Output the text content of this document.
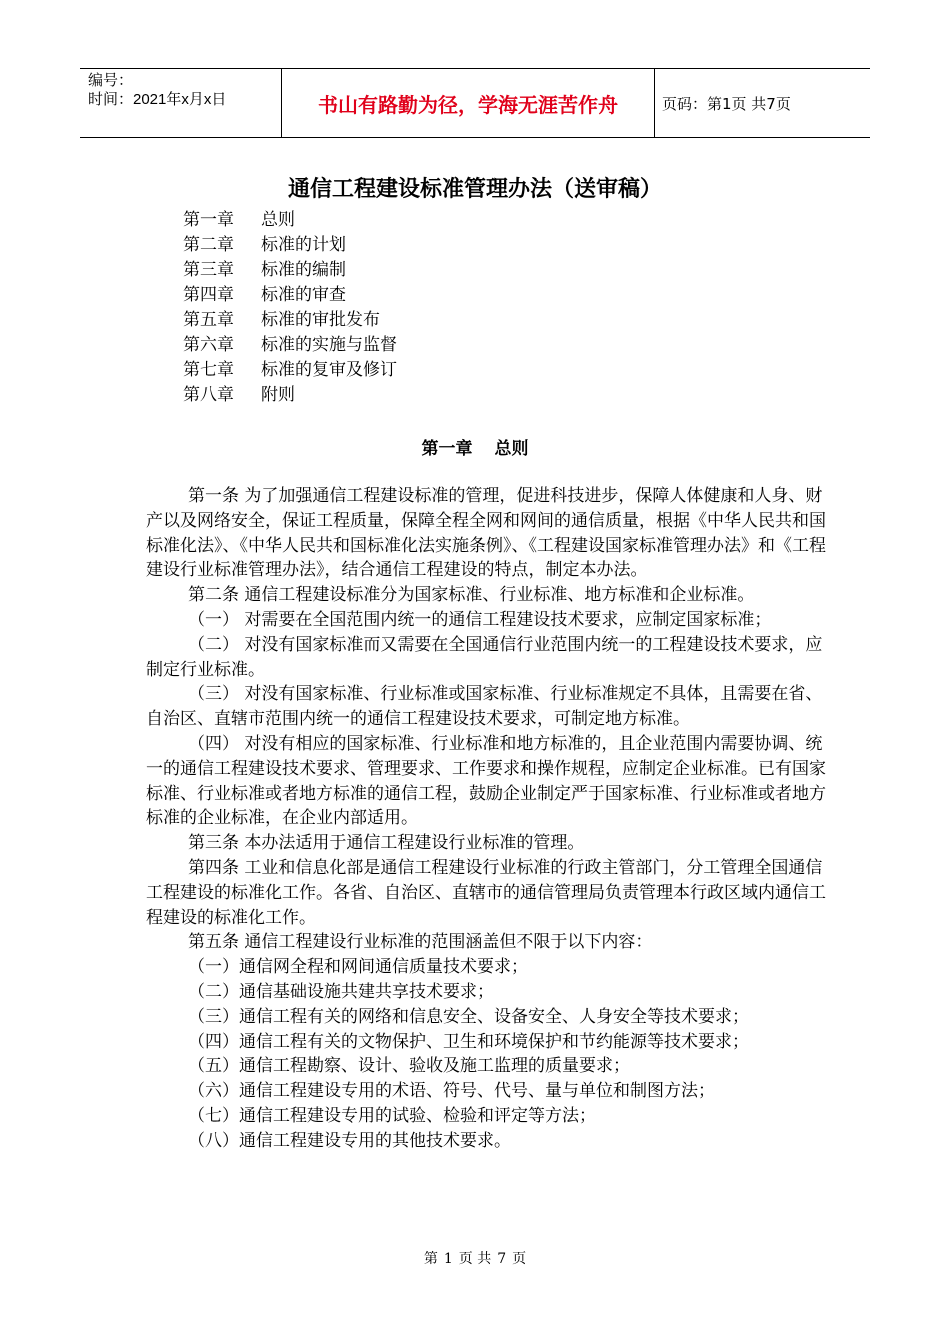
编号：
时间：2021年x月x日	书山有路勤为径，学海无涯苦作舟	页码：第1页 共7页
通信工程建设标准管理办法（送审稿）
第一章 总则
第二章 标准的计划
第三章 标准的编制
第四章 标准的审查
第五章 标准的审批发布
第六章 标准的实施与监督
第七章 标准的复审及修订
第八章 附则
第一章 总则

第一条 为了加强通信工程建设标准的管理，促进科技进步，保障人体健康和人身、财产以及网络安全，保证工程质量，保障全程全网和网间的通信质量，根据《中华人民共和国标准化法》、《中华人民共和国标准化法实施条例》、《工程建设国家标准管理办法》和《工程建设行业标准管理办法》，结合通信工程建设的特点，制定本办法。

第二条 通信工程建设标准分为国家标准、行业标准、地方标准和企业标准。

（一） 对需要在全国范围内统一的通信工程建设技术要求，应制定国家标准；

（二） 对没有国家标准而又需要在全国通信行业范围内统一的工程建设技术要求，应制定行业标准。

（三） 对没有国家标准、行业标准或国家标准、行业标准规定不具体，且需要在省、自治区、直辖市范围内统一的通信工程建设技术要求，可制定地方标准。

（四） 对没有相应的国家标准、行业标准和地方标准的，且企业范围内需要协调、统一的通信工程建设技术要求、管理要求、工作要求和操作规程，应制定企业标准。已有国家标准、行业标准或者地方标准的通信工程，鼓励企业制定严于国家标准、行业标准或者地方标准的企业标准，在企业内部适用。

第三条 本办法适用于通信工程建设行业标准的管理。

第四条 工业和信息化部是通信工程建设行业标准的行政主管部门，分工管理全国通信工程建设的标准化工作。各省、自治区、直辖市的通信管理局负责管理本行政区域内通信工程建设的标准化工作。

第五条 通信工程建设行业标准的范围涵盖但不限于以下内容：

（一）通信网全程和网间通信质量技术要求；

（二）通信基础设施共建共享技术要求；

（三）通信工程有关的网络和信息安全、设备安全、人身安全等技术要求；

（四）通信工程有关的文物保护、卫生和环境保护和节约能源等技术要求；

（五）通信工程勘察、设计、验收及施工监理的质量要求；

（六）通信工程建设专用的术语、符号、代号、量与单位和制图方法；

（七）通信工程建设专用的试验、检验和评定等方法；

（八）通信工程建设专用的其他技术要求。

第 1 页 共 7 页
